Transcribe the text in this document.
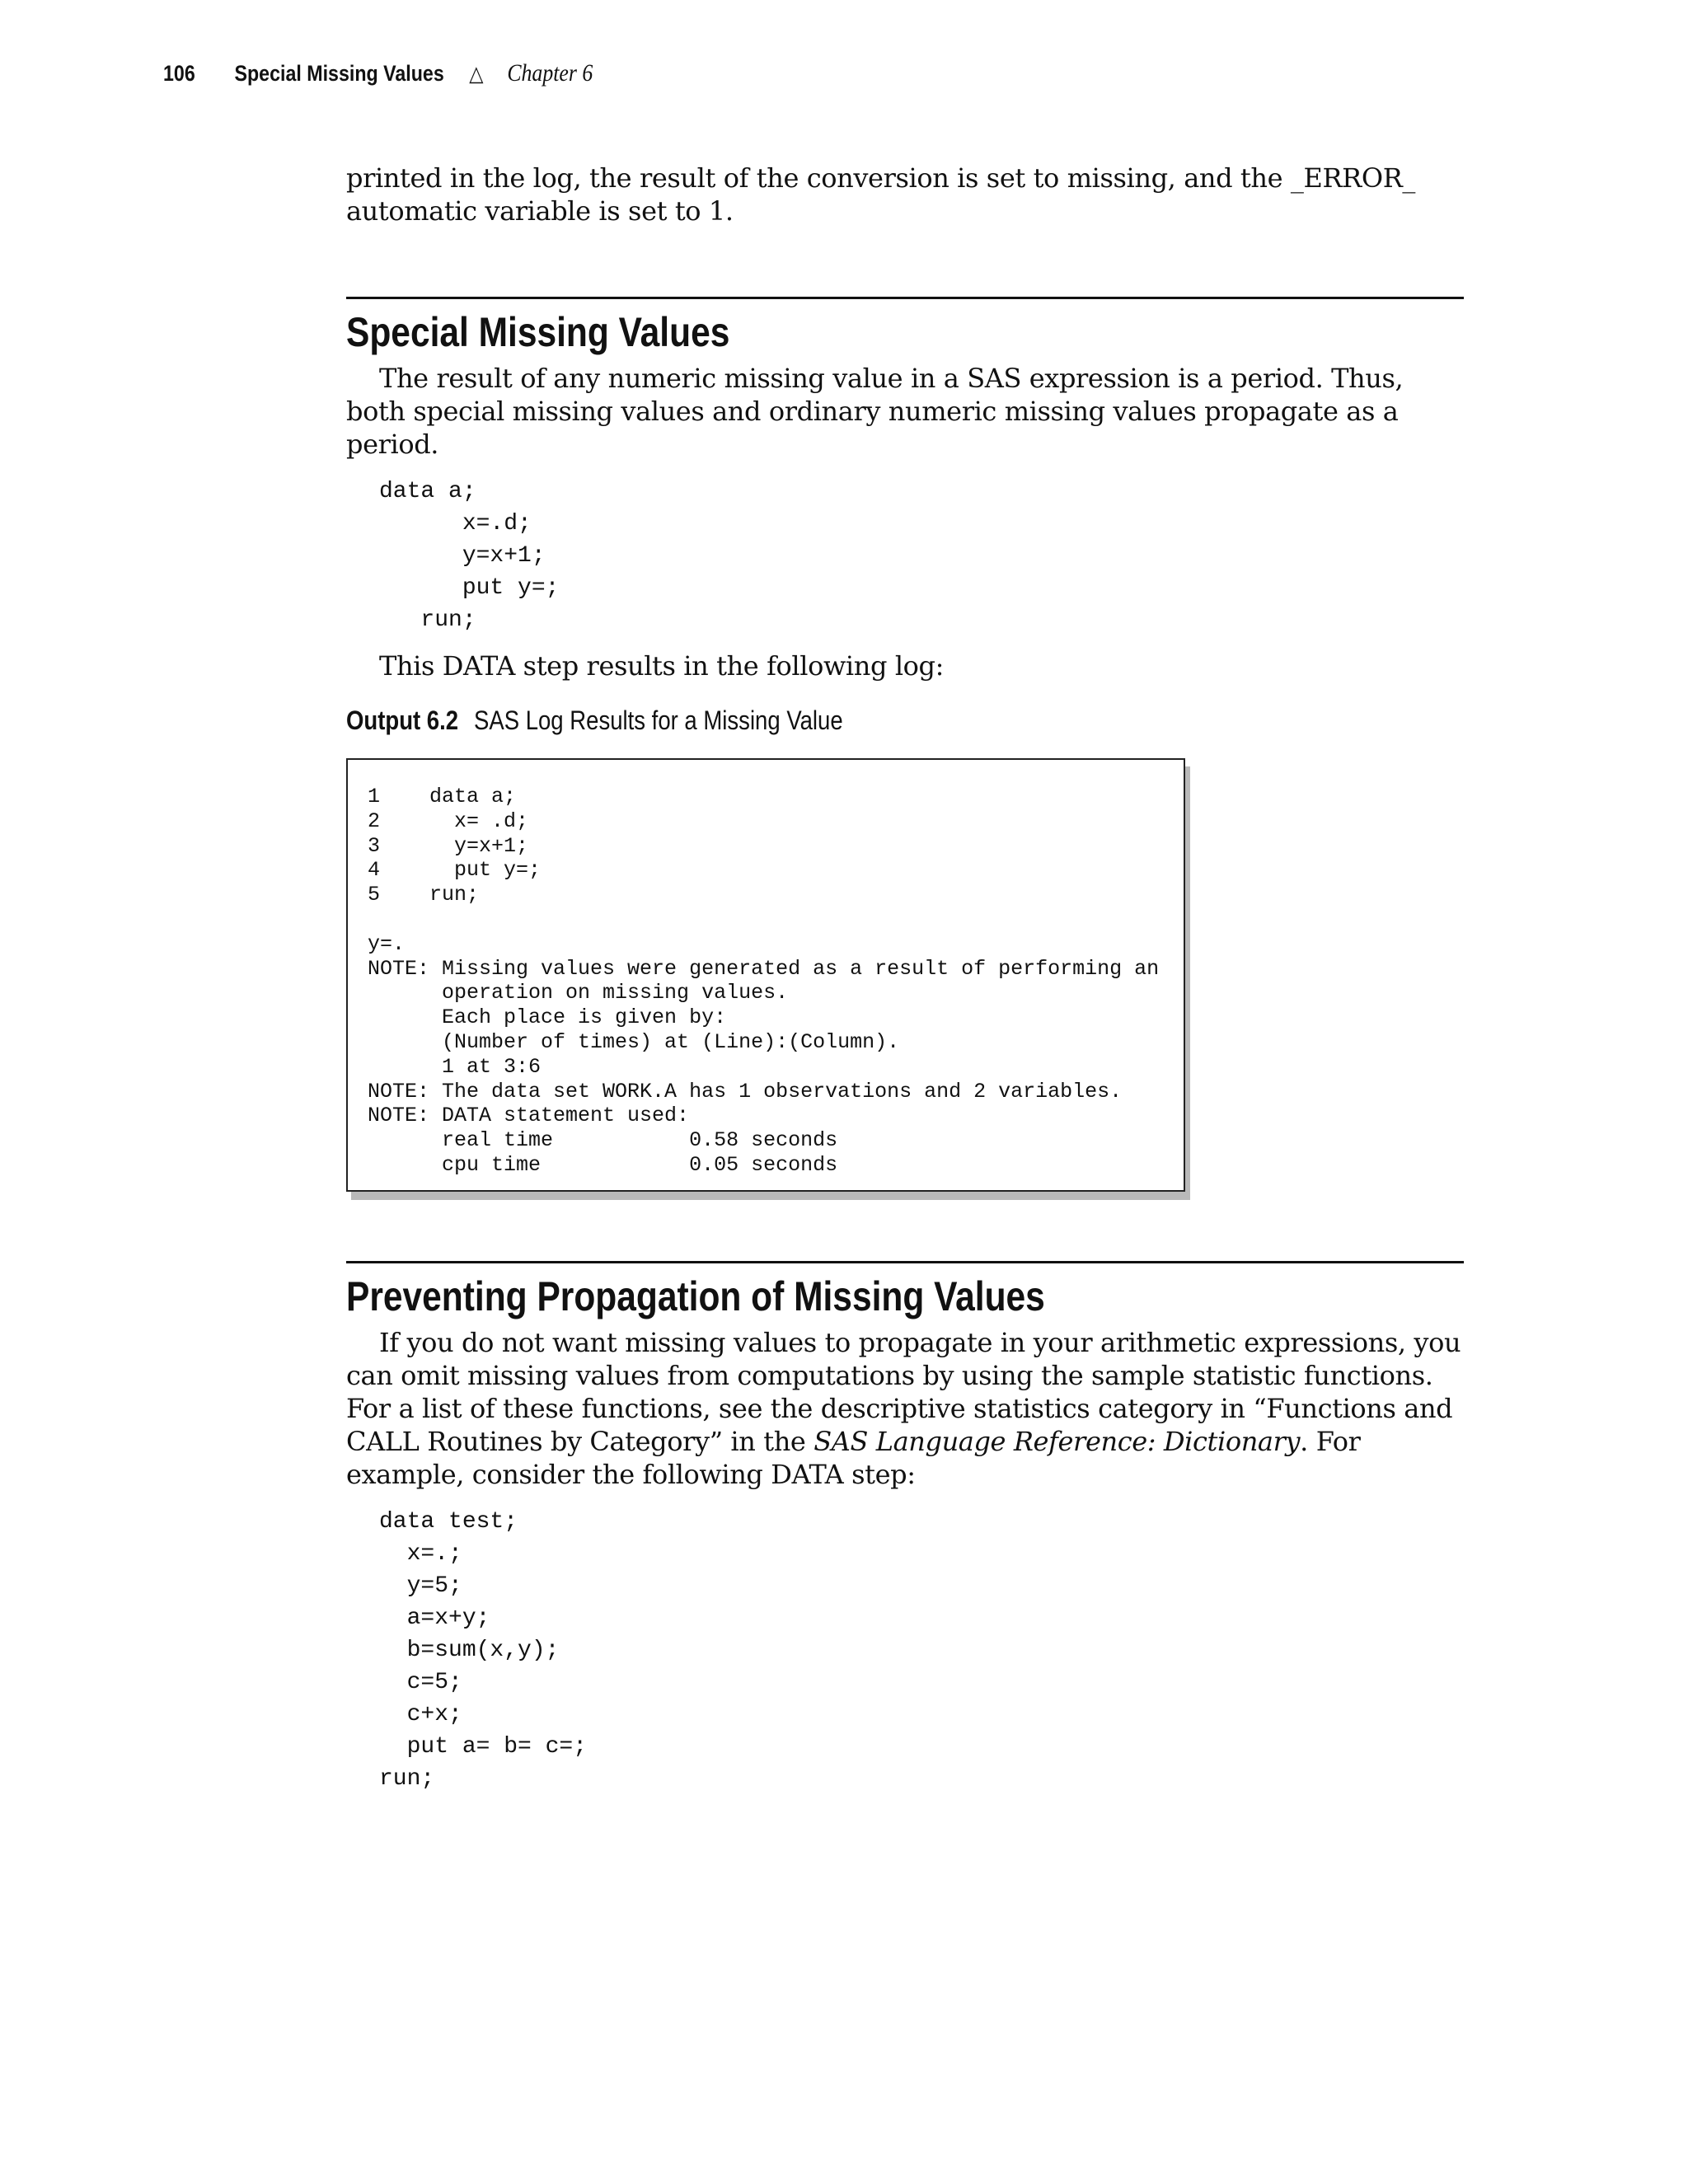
106 Special Missing Values △ Chapter 6

printed in the log, the result of the conversion is set to missing, and the _ERROR_ automatic variable is set to 1.

Special Missing Values

The result of any numeric missing value in a SAS expression is a period. Thus, both special missing values and ordinary numeric missing values propagate as a period.

data a;
x=.d;
y=x+1;
put y=;
run;

This DATA step results in the following log:

Output 6.2 SAS Log Results for a Missing Value
1    data a;
2      x= .d;
3      y=x+1;
4      put y=;
5    run;

y=.
NOTE: Missing values were generated as a result of performing an
operation on missing values.
Each place is given by:
(Number of times) at (Line):(Column).
1 at 3:6
NOTE: The data set WORK.A has 1 observations and 2 variables.
NOTE: DATA statement used:
real time           0.58 seconds
cpu time            0.05 seconds
Preventing Propagation of Missing Values

If you do not want missing values to propagate in your arithmetic expressions, you can omit missing values from computations by using the sample statistic functions. For a list of these functions, see the descriptive statistics category in “Functions and CALL Routines by Category” in the SAS Language Reference: Dictionary. For example, consider the following DATA step:

data test;
x=.;
y=5;
a=x+y;
b=sum(x,y);
c=5;
c+x;
put a= b= c=;
run;
